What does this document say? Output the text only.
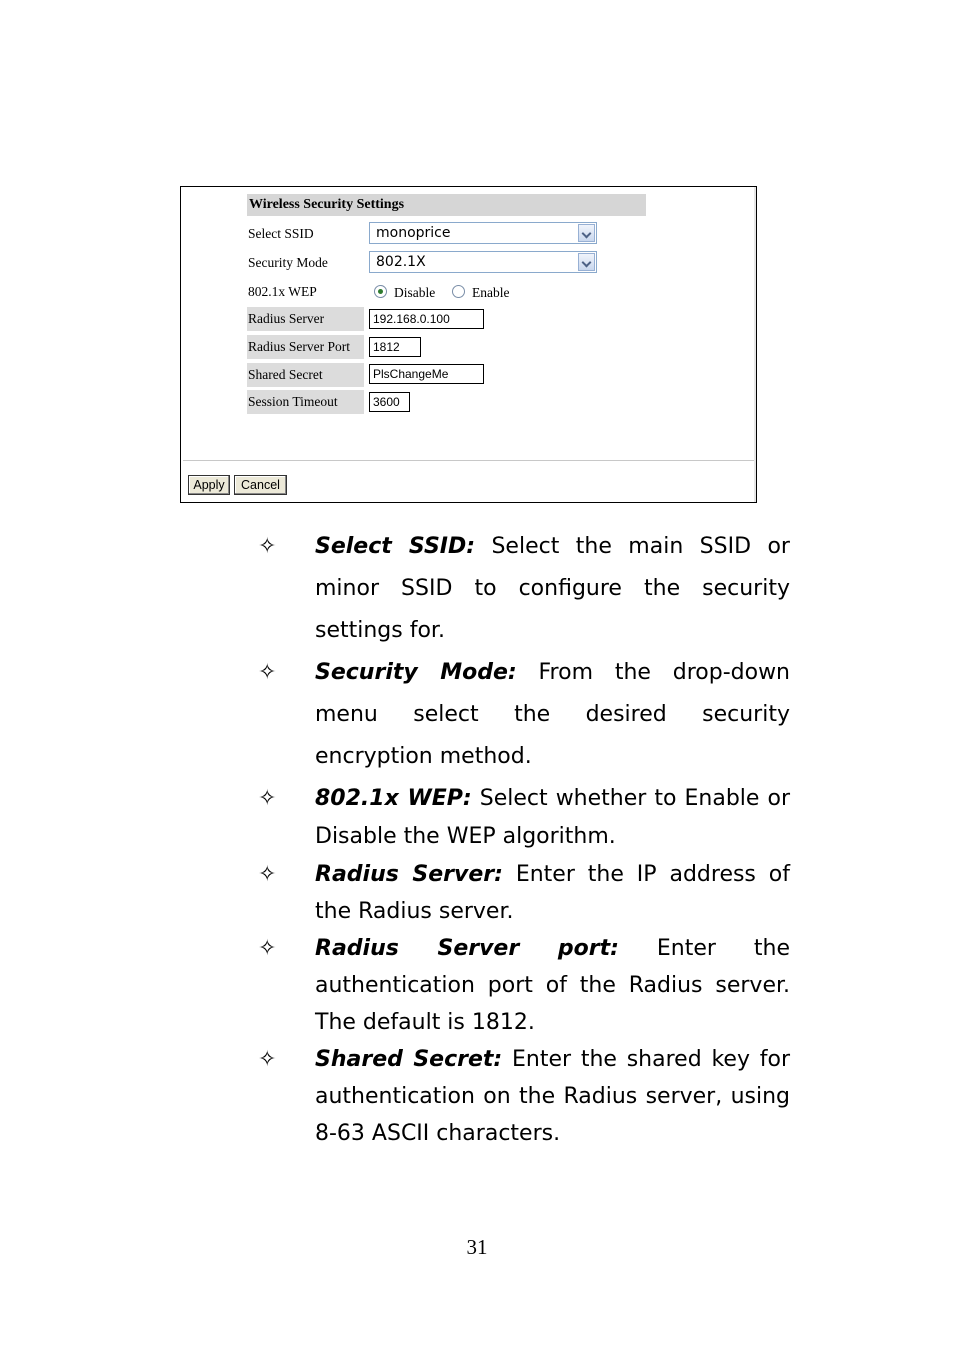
Wireless Security Settings
Select SSID	monoprice
Security Mode	802.1X
802.1x WEP	Disable	Enable
Radius Server	192.168.0.100
Radius Server Port	1812
Shared Secret	PlsChangeMe
Session Timeout	3600
Apply	Cancel
✧ Select SSID: Select the main SSID or minor SSID to configure the security settings for.
✧ Security Mode: From the drop-down menu select the desired security encryption method.
✧ 802.1x WEP: Select whether to Enable or Disable the WEP algorithm.
✧ Radius Server: Enter the IP address of the Radius server.
✧ Radius Server port: Enter the authentication port of the Radius server. The default is 1812.
✧ Shared Secret: Enter the shared key for authentication on the Radius server, using 8-63 ASCII characters.
31
